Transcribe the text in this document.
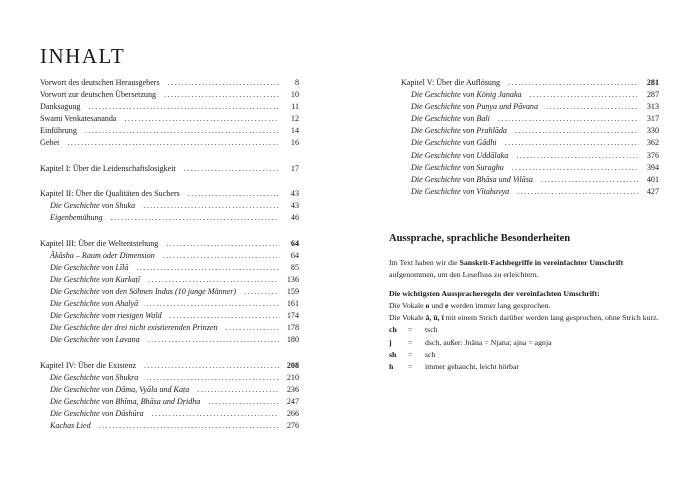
INHALT
Vorwort des deutschen Herausgebers .....	8
Vorwort zur deutschen Übersetzung .....	10
Danksagung .....	11
Swami Venkatesananda .....	12
Einführung .....	14
Gebet .....	16
Kapitel I: Über die Leidenschaftslosigkeit .....	17
Kapitel II: Über die Qualitäten des Suchers .....	43
Die Geschichte von Shuka .....	43
Eigenbemühung .....	46
Kapitel III: Über die Weltentstehung .....	64
Ākāsha – Raum oder Dimension .....	64
Die Geschichte von Līlā .....	85
Die Geschichte von Karkaṭī .....	136
Die Geschichte von den Söhnen Indus (10 junge Männer) .....	159
Die Geschichte von Ahalyā .....	161
Die Geschichte vom riesigen Wald .....	174
Die Geschichte der drei nicht existierenden Prinzen .....	178
Die Geschichte von Lavana .....	180
Kapitel IV: Über die Existenz .....	208
Die Geschichte von Shukra .....	210
Die Geschichte von Dāma, Vyāla und Kaṭa .....	236
Die Geschichte von Bhīma, Bhāsa und Dṛidha .....	247
Die Geschichte von Dāshūra .....	266
Kachas Lied .....	276
Kapitel V: Über die Auflösung .....	281
Die Geschichte von König Janaka .....	287
Die Geschichte von Puṇya und Pāvana .....	313
Die Geschichte von Bali .....	317
Die Geschichte von Prahlāda .....	330
Die Geschichte von Gādhi .....	362
Die Geschichte von Uddālaka .....	376
Die Geschichte von Suraghu .....	394
Die Geschichte von Bhāsa und Vilāsa .....	401
Die Geschichte von Vītahavya .....	427
Aussprache, sprachliche Besonderheiten

Im Text haben wir die Sanskrit-Fachbegriffe in vereinfachter Umschrift aufgenommen, um den Lesefluss zu erleichtern.

Die wichtigsten Ausspracheregeln der vereinfachten Umschrift:

Die Vokale o und e werden immer lang gesprochen.

Die Vokale ā, ū, ī mit einem Strich darüber werden lang gesprochen, ohne Strich kurz.

ch	=	tsch
j	=	dsch, außer: Jnāna = Njana; ajna = agnja
sh	=	sch
h	=	immer gehaucht, leicht hörbar
